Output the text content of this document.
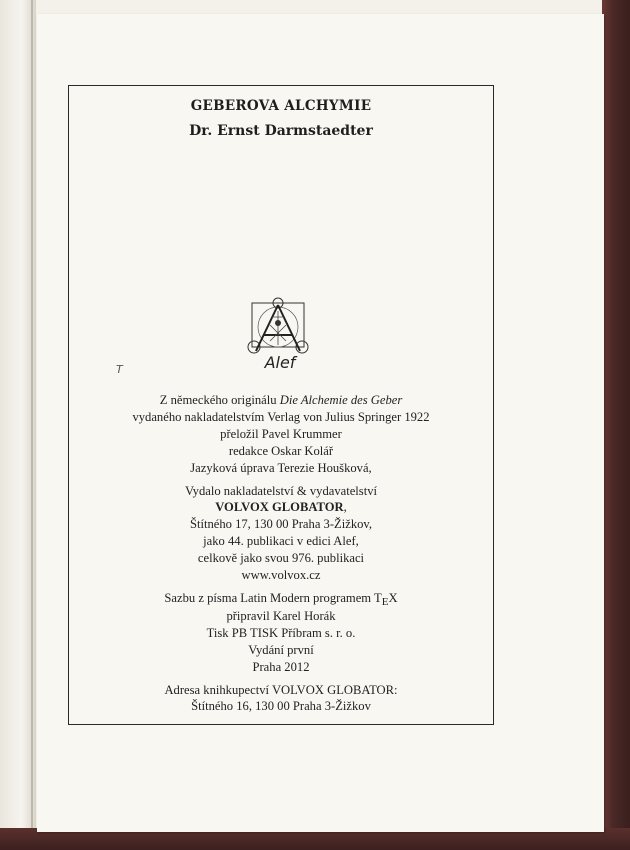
GEBEROVA ALCHYMIE
Dr. Ernst Darmstaedter
T	Alef
Z německého originálu Die Alchemie des Geber
vydaného nakladatelstvím Verlag von Julius Springer 1922
přeložil Pavel Krummer
redakce Oskar Kolář
Jazyková úprava Terezie Houšková,
Vydalo nakladatelství & vydavatelství
VOLVOX GLOBATOR,
Štítného 17, 130 00 Praha 3-Žižkov,
jako 44. publikaci v edici Alef,
celkově jako svou 976. publikaci
www.volvox.cz
Sazbu z písma Latin Modern programem TEX
připravil Karel Horák
Tisk PB TISK Příbram s. r. o.
Vydání první
Praha 2012
Adresa knihkupectví VOLVOX GLOBATOR:
Štítného 16, 130 00 Praha 3-Žižkov
